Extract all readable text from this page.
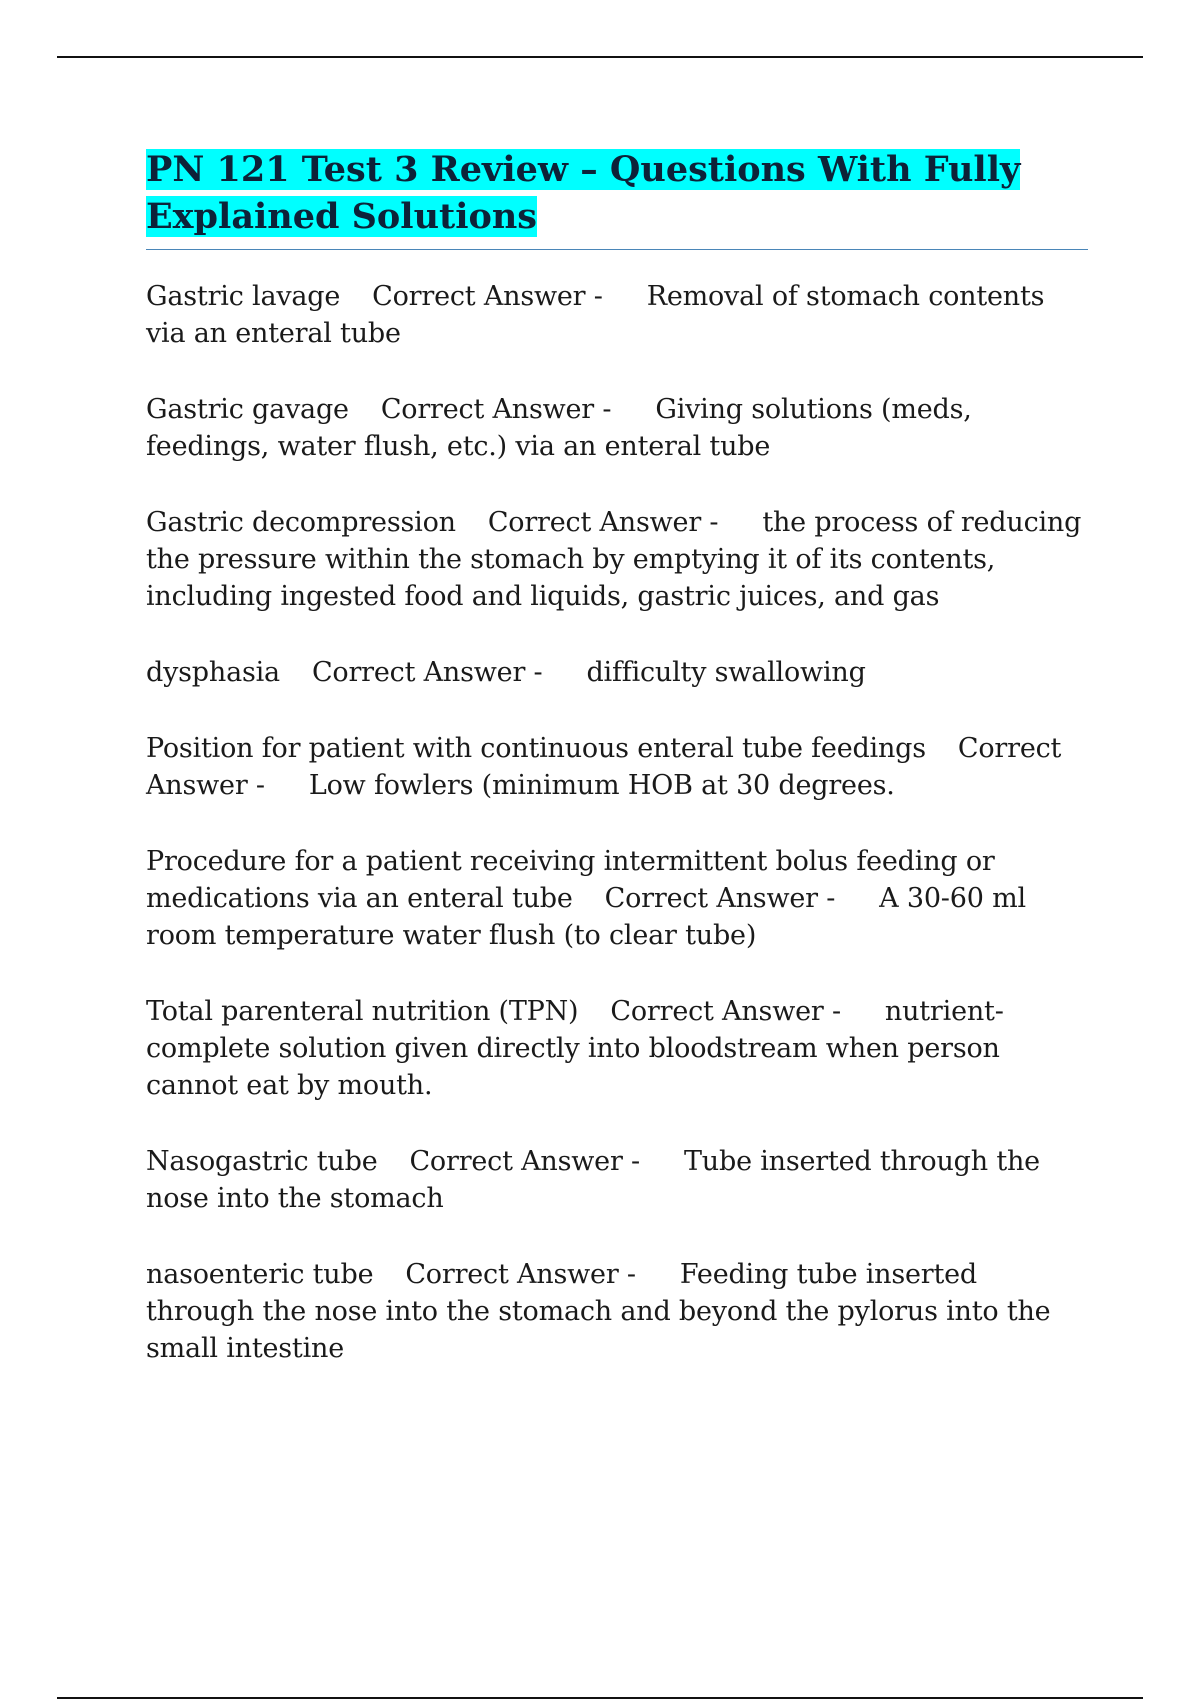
PN 121 Test 3 Review – Questions With Fully Explained Solutions

Gastric lavage Correct Answer - Removal of stomach contents via an enteral tube

Gastric gavage Correct Answer - Giving solutions (meds, feedings, water flush, etc.) via an enteral tube

Gastric decompression Correct Answer - the process of reducing the pressure within the stomach by emptying it of its contents, including ingested food and liquids, gastric juices, and gas

dysphasia Correct Answer - difficulty swallowing

Position for patient with continuous enteral tube feedings Correct Answer - Low fowlers (minimum HOB at 30 degrees.

Procedure for a patient receiving intermittent bolus feeding or medications via an enteral tube Correct Answer - A 30-60 ml room temperature water flush (to clear tube)

Total parenteral nutrition (TPN) Correct Answer - nutrient-complete solution given directly into bloodstream when person cannot eat by mouth.

Nasogastric tube Correct Answer - Tube inserted through the nose into the stomach

nasoenteric tube Correct Answer - Feeding tube inserted through the nose into the stomach and beyond the pylorus into the small intestine
